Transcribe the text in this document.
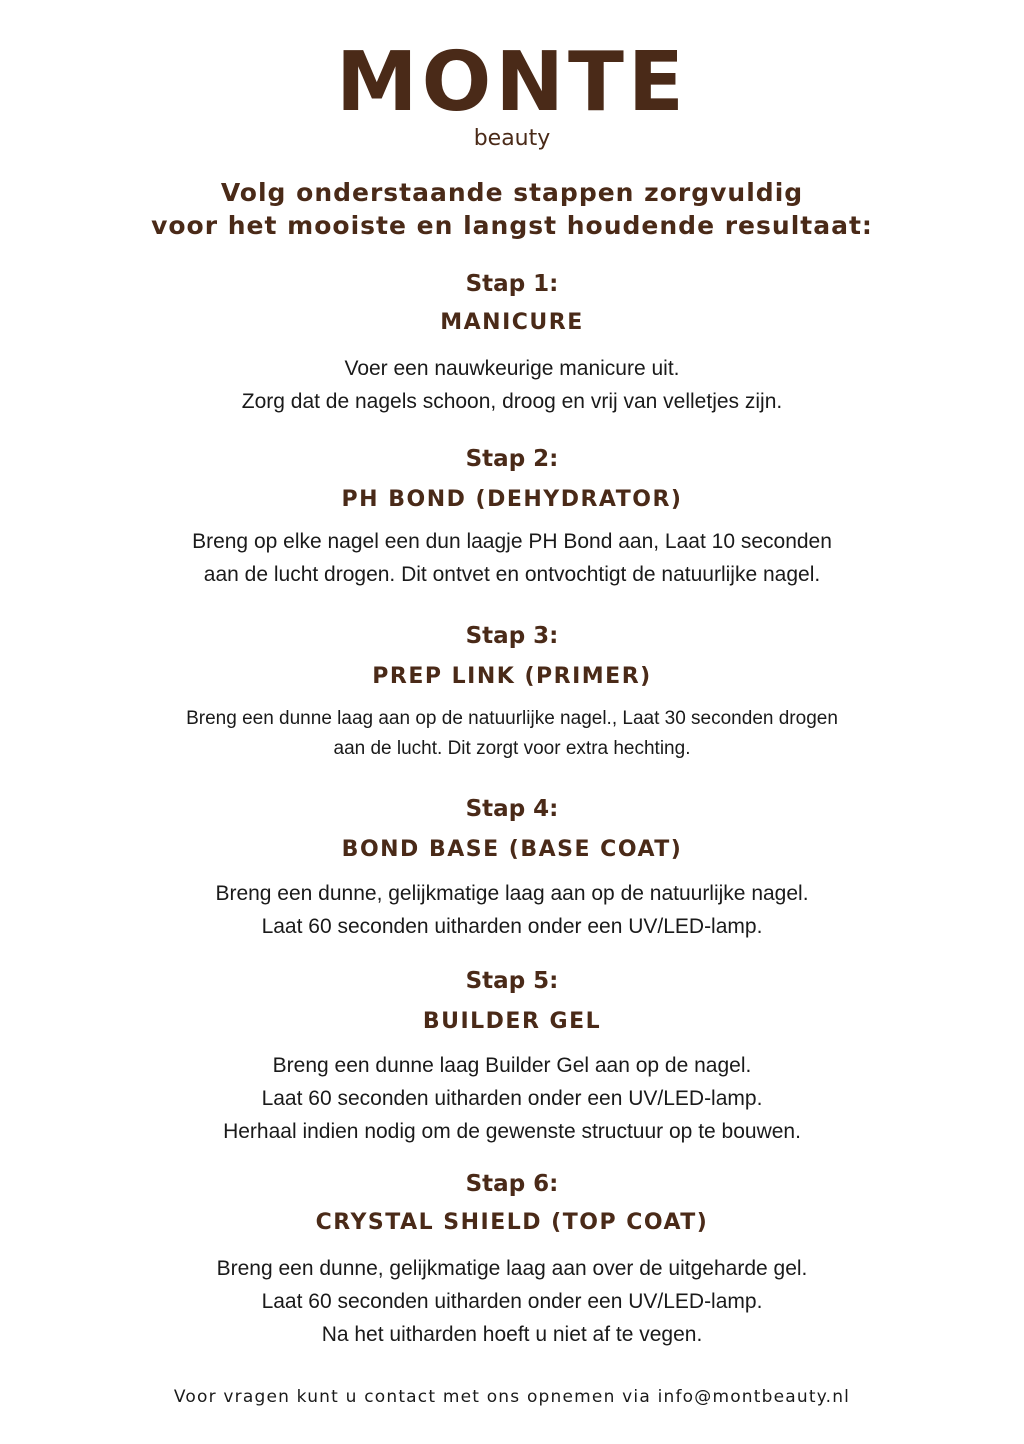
MONTE
beauty
Volg onderstaande stappen zorgvuldig
voor het mooiste en langst houdende resultaat:
Stap 1:
MANICURE
Voer een nauwkeurige manicure uit.
Zorg dat de nagels schoon, droog en vrij van velletjes zijn.
Stap 2:
PH BOND (DEHYDRATOR)
Breng op elke nagel een dun laagje PH Bond aan, Laat 10 seconden
aan de lucht drogen. Dit ontvet en ontvochtigt de natuurlijke nagel.
Stap 3:
PREP LINK (PRIMER)
Breng een dunne laag aan op de natuurlijke nagel., Laat 30 seconden drogen
aan de lucht. Dit zorgt voor extra hechting.
Stap 4:
BOND BASE (BASE COAT)
Breng een dunne, gelijkmatige laag aan op de natuurlijke nagel.
Laat 60 seconden uitharden onder een UV/LED-lamp.
Stap 5:
BUILDER GEL
Breng een dunne laag Builder Gel aan op de nagel.
Laat 60 seconden uitharden onder een UV/LED-lamp.
Herhaal indien nodig om de gewenste structuur op te bouwen.
Stap 6:
CRYSTAL SHIELD (TOP COAT)
Breng een dunne, gelijkmatige laag aan over de uitgeharde gel.
Laat 60 seconden uitharden onder een UV/LED-lamp.
Na het uitharden hoeft u niet af te vegen.
Voor vragen kunt u contact met ons opnemen via info@montbeauty.nl
